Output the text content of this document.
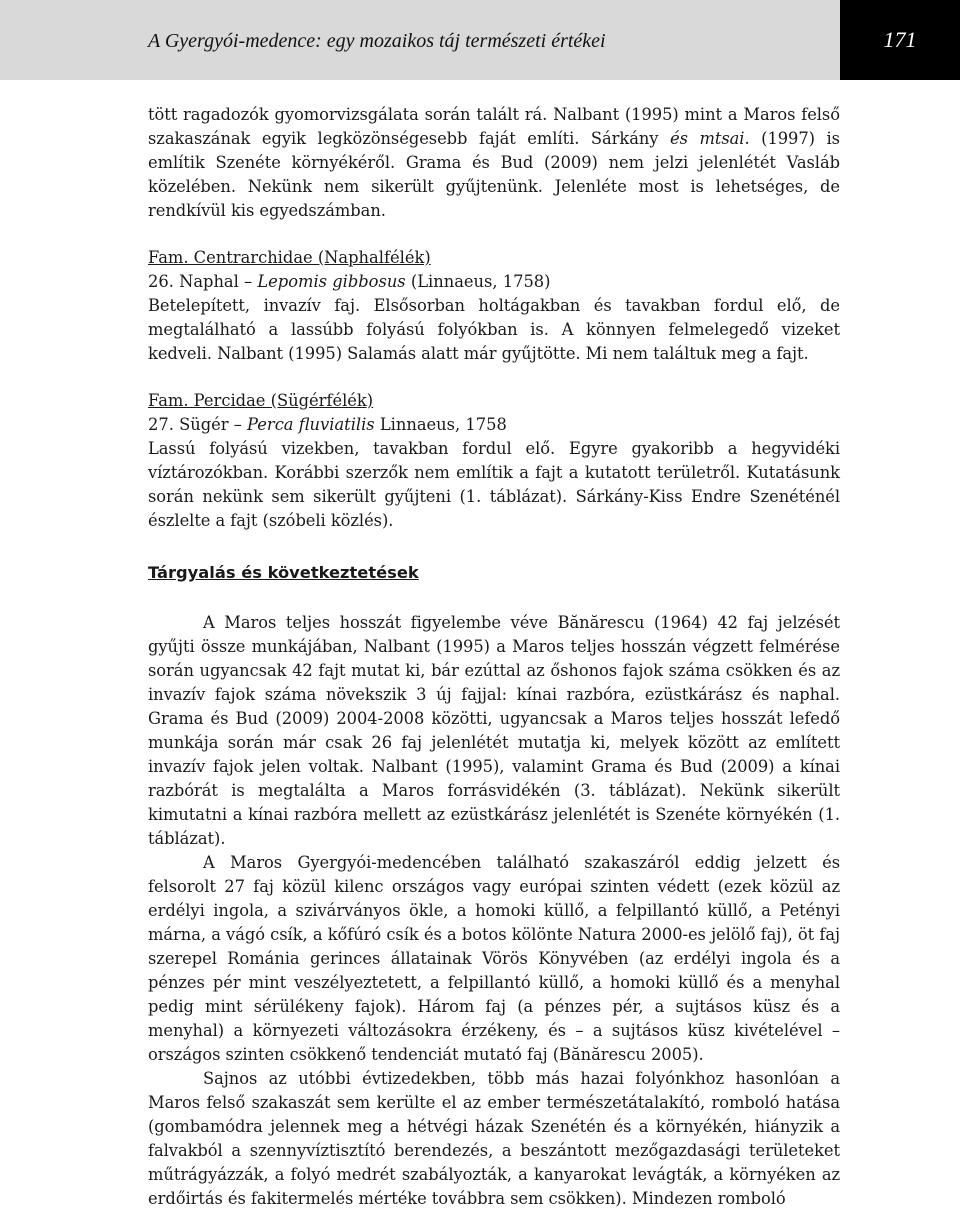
A Gyergyói-medence: egy mozaikos táj természeti értékei	171

tött ragadozók gyomorvizsgálata során talált rá. Nalbant (1995) mint a Maros felső szakaszának egyik legközönségesebb faját említi. Sárkány és mtsai. (1997) is említik Szenéte környékéről. Grama és Bud (2009) nem jelzi jelenlétét Vasláb közelében. Nekünk nem sikerült gyűjtenünk. Jelenléte most is lehetséges, de rendkívül kis egyedszámban.

Fam. Centrarchidae (Naphalfélék)

26. Naphal – Lepomis gibbosus (Linnaeus, 1758)

Betelepített, invazív faj. Elsősorban holtágakban és tavakban fordul elő, de megtalálható a lassúbb folyású folyókban is. A könnyen felmelegedő vizeket kedveli. Nalbant (1995) Salamás alatt már gyűjtötte. Mi nem találtuk meg a fajt.

Fam. Percidae (Sügérfélék)

27. Sügér – Perca fluviatilis Linnaeus, 1758

Lassú folyású vizekben, tavakban fordul elő. Egyre gyakoribb a hegyvidéki víztározókban. Korábbi szerzők nem említik a fajt a kutatott területről. Kutatásunk során nekünk sem sikerült gyűjteni (1. táblázat). Sárkány-Kiss Endre Szenéténél észlelte a fajt (szóbeli közlés).

Tárgyalás és következtetések

A Maros teljes hosszát figyelembe véve Bănărescu (1964) 42 faj jelzését gyűjti össze munkájában, Nalbant (1995) a Maros teljes hosszán végzett felmérése során ugyancsak 42 fajt mutat ki, bár ezúttal az őshonos fajok száma csökken és az invazív fajok száma növekszik 3 új fajjal: kínai razbóra, ezüstkárász és naphal. Grama és Bud (2009) 2004-2008 közötti, ugyancsak a Maros teljes hosszát lefedő munkája során már csak 26 faj jelenlétét mutatja ki, melyek között az említett invazív fajok jelen voltak. Nalbant (1995), valamint Grama és Bud (2009) a kínai razbórát is megtalálta a Maros forrásvidékén (3. táblázat). Nekünk sikerült kimutatni a kínai razbóra mellett az ezüstkárász jelenlétét is Szenéte környékén (1. táblázat).

A Maros Gyergyói-medencében található szakaszáról eddig jelzett és felsorolt 27 faj közül kilenc országos vagy európai szinten védett (ezek közül az erdélyi ingola, a szivárványos ökle, a homoki küllő, a felpillantó küllő, a Petényi márna, a vágó csík, a kőfúró csík és a botos kölönte Natura 2000-es jelölő faj), öt faj szerepel Románia gerinces állatainak Vörös Könyvében (az erdélyi ingola és a pénzes pér mint veszélyeztetett, a felpillantó küllő, a homoki küllő és a menyhal pedig mint sérülékeny fajok). Három faj (a pénzes pér, a sujtásos küsz és a menyhal) a környezeti változásokra érzékeny, és – a sujtásos küsz kivételével – országos szinten csökkenő tendenciát mutató faj (Bănărescu 2005).

Sajnos az utóbbi évtizedekben, több más hazai folyónkhoz hasonlóan a Maros felső szakaszát sem kerülte el az ember természetátalakító, romboló hatása (gombamódra jelennek meg a hétvégi házak Szenétén és a környékén, hiányzik a falvakból a szennyvíztisztító berendezés, a beszántott mezőgazdasági területeket műtrágyázzák, a folyó medrét szabályozták, a kanyarokat levágták, a környéken az erdőirtás és fakitermelés mértéke továbbra sem csökken). Mindezen romboló
